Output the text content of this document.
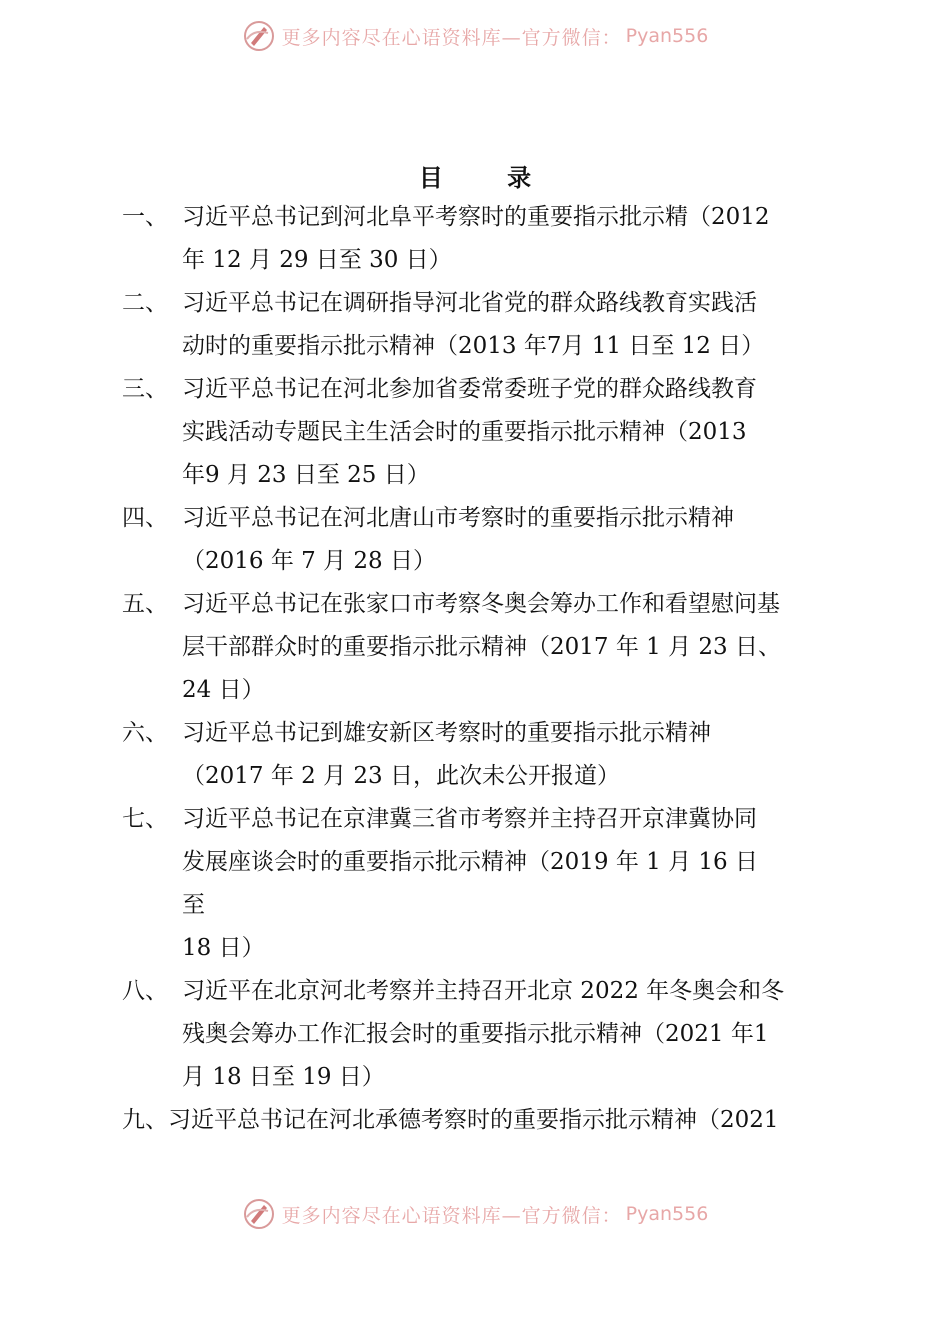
更多内容尽在心语资料库—官方微信： Pyan556
目 录
一、 习近平总书记到河北阜平考察时的重要指示批示精（2012
年 12 月 29 日至 30 日）
二、 习近平总书记在调研指导河北省党的群众路线教育实践活
动时的重要指示批示精神（2013 年7月 11 日至 12 日）
三、 习近平总书记在河北参加省委常委班子党的群众路线教育
实践活动专题民主生活会时的重要指示批示精神（2013
年9 月 23 日至 25 日）
四、 习近平总书记在河北唐山市考察时的重要指示批示精神
（2016 年 7 月 28 日）
五、 习近平总书记在张家口市考察冬奥会筹办工作和看望慰问基
层干部群众时的重要指示批示精神（2017 年 1 月 23 日、
24 日）
六、 习近平总书记到雄安新区考察时的重要指示批示精神
（2017 年 2 月 23 日，此次未公开报道）
七、 习近平总书记在京津冀三省市考察并主持召开京津冀协同
发展座谈会时的重要指示批示精神（2019 年 1 月 16 日
至
18 日）
八、 习近平在北京河北考察并主持召开北京 2022 年冬奥会和冬
残奥会筹办工作汇报会时的重要指示批示精神（2021 年1
月 18 日至 19 日）
九、习近平总书记在河北承德考察时的重要指示批示精神（2021
更多内容尽在心语资料库—官方微信： Pyan556
